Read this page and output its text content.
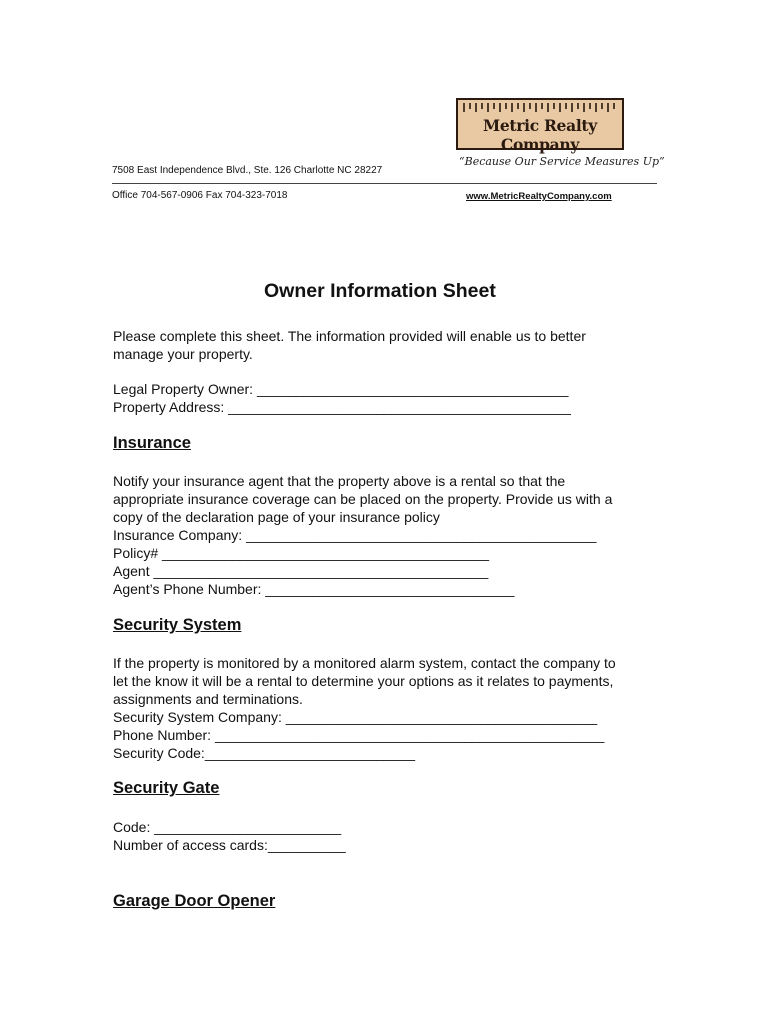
Metric Realty Company
“Because Our Service Measures Up”
7508 East Independence Blvd., Ste. 126 Charlotte NC 28227
Office 704-567-0906 Fax 704-323-7018	www.MetricRealtyCompany.com
Owner Information Sheet
Please complete this sheet. The information provided will enable us to better
manage your property.
Legal Property Owner: ________________________________________
Property Address: ____________________________________________
Insurance
Notify your insurance agent that the property above is a rental so that the
appropriate insurance coverage can be placed on the property. Provide us with a
copy of the declaration page of your insurance policy
Insurance Company: _____________________________________________
Policy# __________________________________________
Agent ___________________________________________
Agent’s Phone Number: ________________________________
Security System
If the property is monitored by a monitored alarm system, contact the company to
let the know it will be a rental to determine your options as it relates to payments,
assignments and terminations.
Security System Company: ________________________________________
Phone Number: __________________________________________________
Security Code:___________________________
Security Gate
Code: ________________________
Number of access cards:__________
Garage Door Opener
